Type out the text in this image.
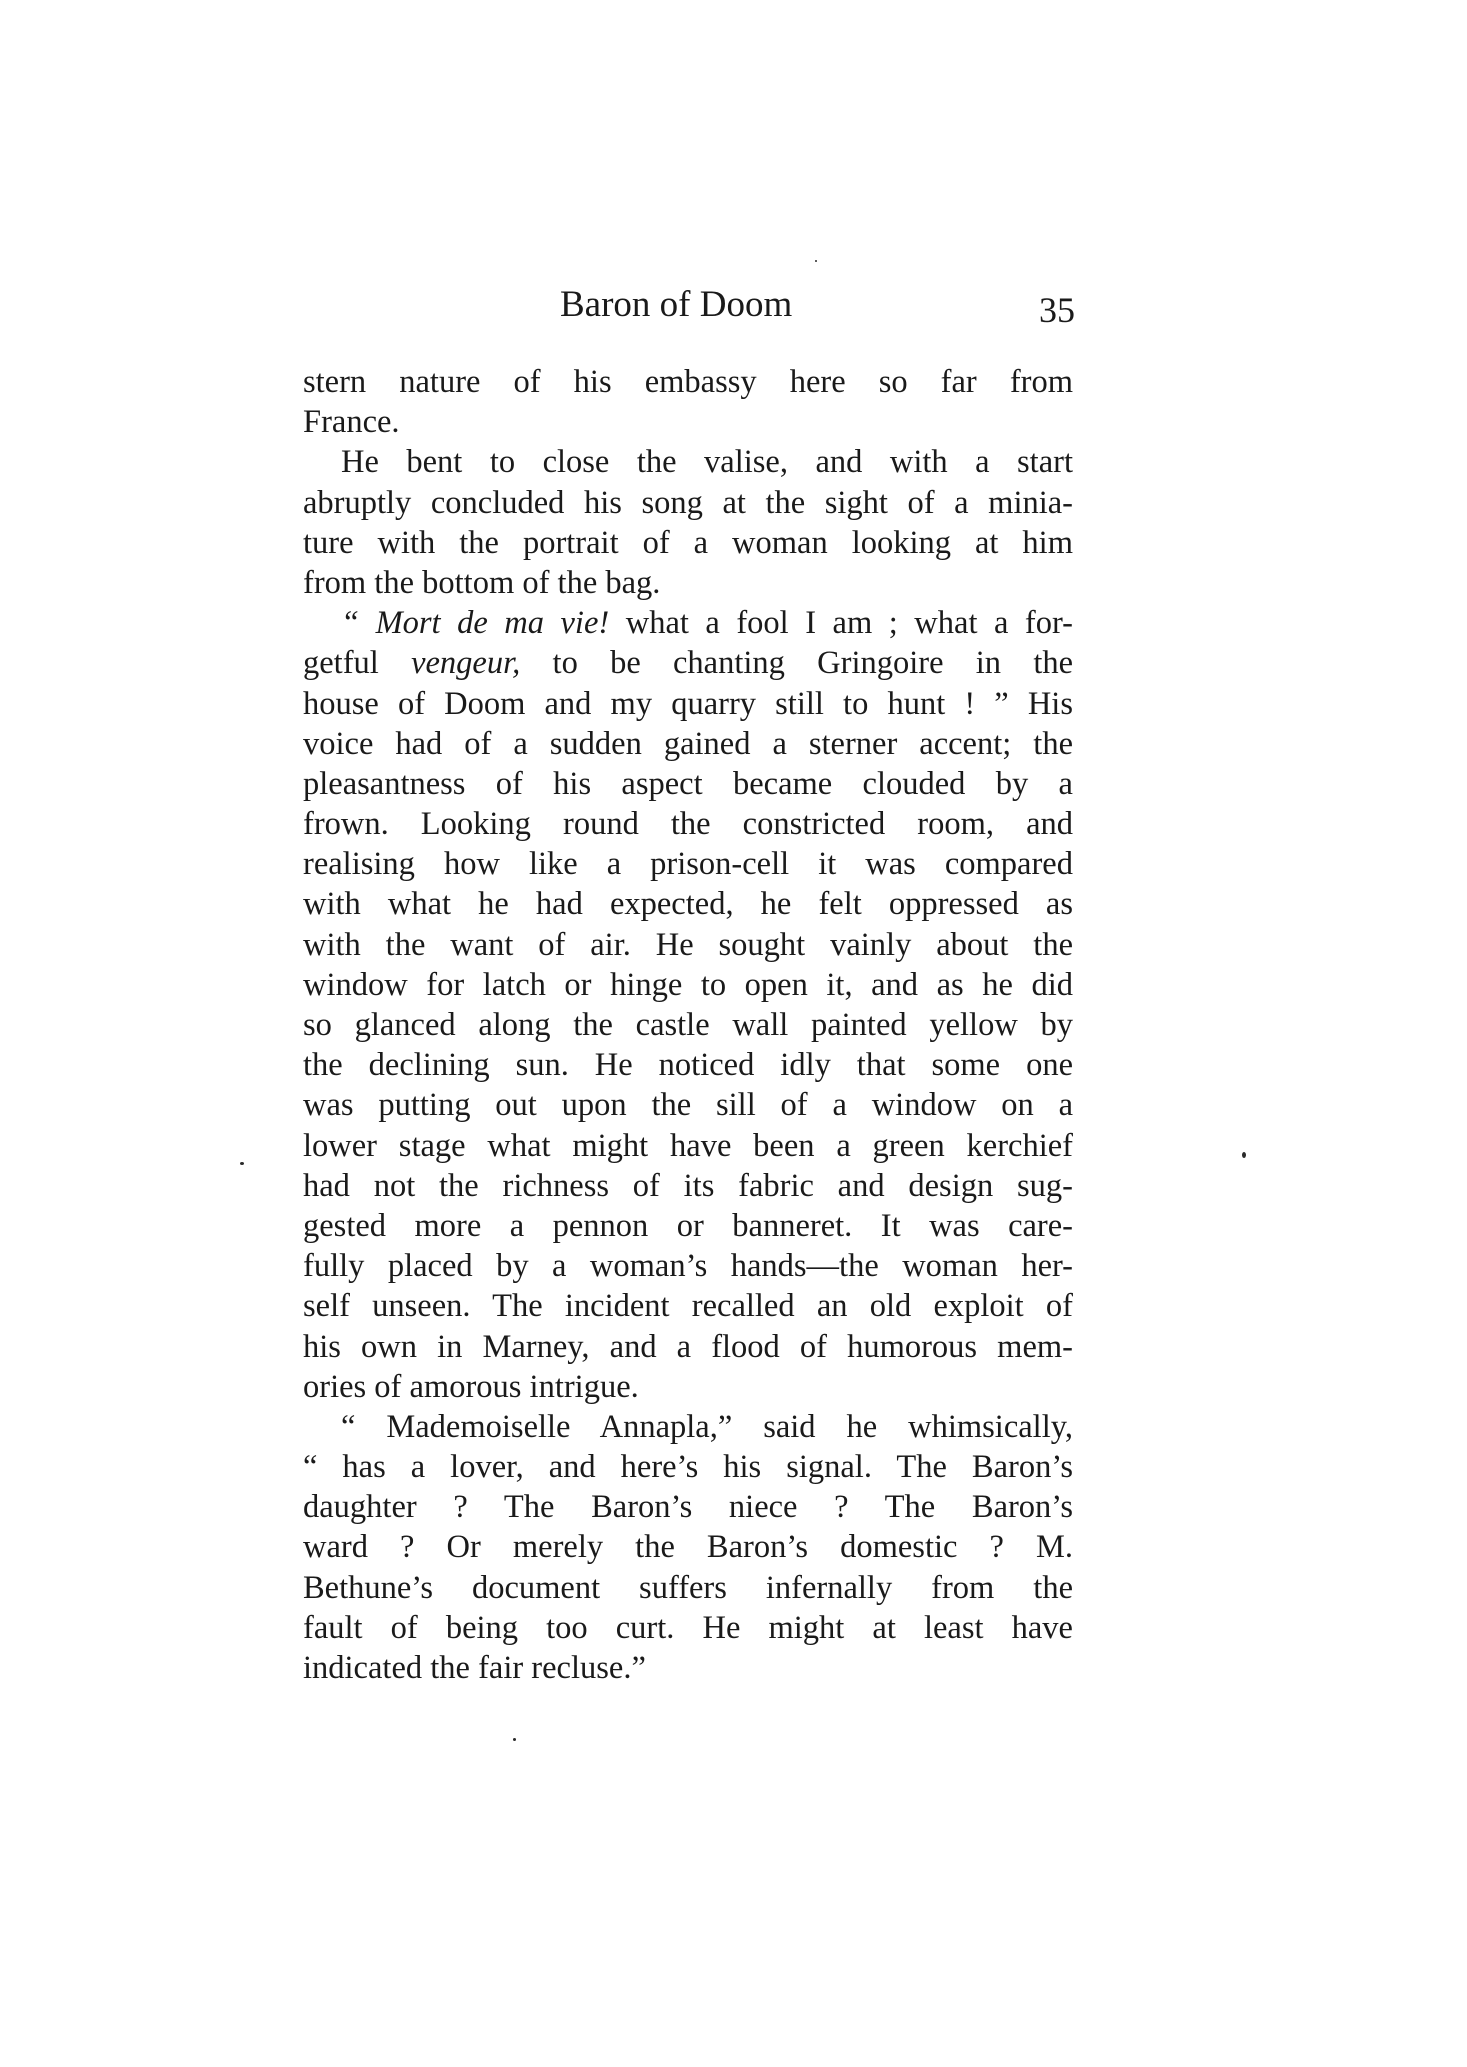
Baron of Doom	35
stern nature of his embassy here so far from
France.
He bent to close the valise, and with a start
abruptly concluded his song at the sight of a minia-
ture with the portrait of a woman looking at him
from the bottom of the bag.
“ Mort de ma vie! what a fool I am ; what a for-
getful vengeur, to be chanting Gringoire in the
house of Doom and my quarry still to hunt ! ” His
voice had of a sudden gained a sterner accent; the
pleasantness of his aspect became clouded by a
frown. Looking round the constricted room, and
realising how like a prison-cell it was compared
with what he had expected, he felt oppressed as
with the want of air. He sought vainly about the
window for latch or hinge to open it, and as he did
so glanced along the castle wall painted yellow by
the declining sun. He noticed idly that some one
was putting out upon the sill of a window on a
lower stage what might have been a green kerchief
had not the richness of its fabric and design sug-
gested more a pennon or banneret. It was care-
fully placed by a woman’s hands—the woman her-
self unseen. The incident recalled an old exploit of
his own in Marney, and a flood of humorous mem-
ories of amorous intrigue.
“ Mademoiselle Annapla,” said he whimsically,
“ has a lover, and here’s his signal. The Baron’s
daughter ? The Baron’s niece ? The Baron’s
ward ? Or merely the Baron’s domestic ? M.
Bethune’s document suffers infernally from the
fault of being too curt. He might at least have
indicated the fair recluse.”
